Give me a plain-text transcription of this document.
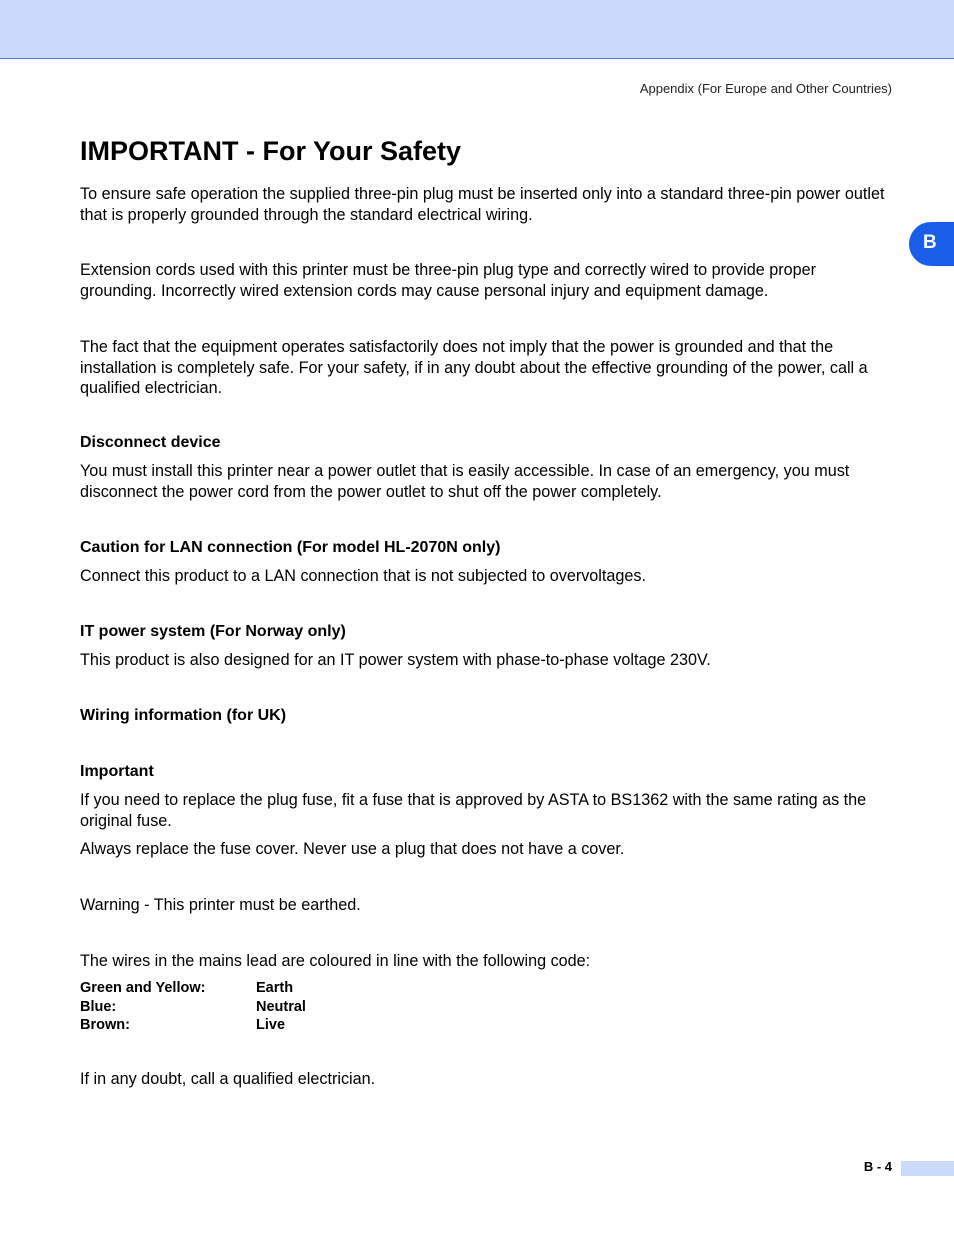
Appendix (For Europe and Other Countries)
B
IMPORTANT - For Your Safety

To ensure safe operation the supplied three-pin plug must be inserted only into a standard three-pin power outlet that is properly grounded through the standard electrical wiring.

Extension cords used with this printer must be three-pin plug type and correctly wired to provide proper grounding. Incorrectly wired extension cords may cause personal injury and equipment damage.

The fact that the equipment operates satisfactorily does not imply that the power is grounded and that the installation is completely safe. For your safety, if in any doubt about the effective grounding of the power, call a qualified electrician.

Disconnect device

You must install this printer near a power outlet that is easily accessible. In case of an emergency, you must disconnect the power cord from the power outlet to shut off the power completely.

Caution for LAN connection (For model HL-2070N only)

Connect this product to a LAN connection that is not subjected to overvoltages.

IT power system (For Norway only)

This product is also designed for an IT power system with phase-to-phase voltage 230V.

Wiring information (for UK)
Important

If you need to replace the plug fuse, fit a fuse that is approved by ASTA to BS1362 with the same rating as the original fuse.

Always replace the fuse cover. Never use a plug that does not have a cover.

Warning - This printer must be earthed.

The wires in the mains lead are coloured in line with the following code:

Green and Yellow:	Earth
Blue:	Neutral
Brown:	Live

If in any doubt, call a qualified electrician.

B - 4
